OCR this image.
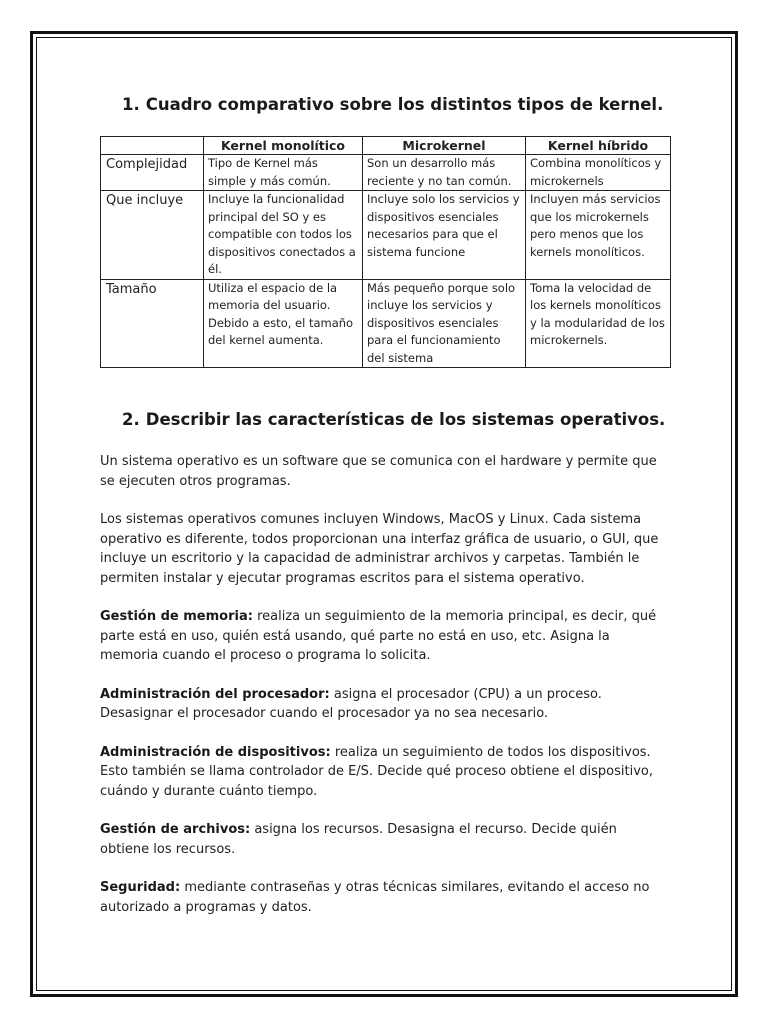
1. Cuadro comparativo sobre los distintos tipos de kernel.
	Kernel monolítico	Microkernel	Kernel híbrido
Complejidad	Tipo de Kernel más simple y más común.	Son un desarrollo más reciente y no tan común.	Combina monolíticos y microkernels
Que incluye	Incluye la funcionalidad principal del SO y es compatible con todos los dispositivos conectados a él.	Incluye solo los servicios y dispositivos esenciales necesarios para que el sistema funcione	Incluyen más servicios que los microkernels pero menos que los kernels monolíticos.
Tamaño	Utiliza el espacio de la memoria del usuario. Debido a esto, el tamaño del kernel aumenta.	Más pequeño porque solo incluye los servicios y dispositivos esenciales para el funcionamiento del sistema	Toma la velocidad de los kernels monolíticos y la modularidad de los microkernels.
2. Describir las características de los sistemas operativos.

Un sistema operativo es un software que se comunica con el hardware y permite que se ejecuten otros programas.

Los sistemas operativos comunes incluyen Windows, MacOS y Linux. Cada sistema operativo es diferente, todos proporcionan una interfaz gráfica de usuario, o GUI, que incluye un escritorio y la capacidad de administrar archivos y carpetas. También le permiten instalar y ejecutar programas escritos para el sistema operativo.

Gestión de memoria: realiza un seguimiento de la memoria principal, es decir, qué parte está en uso, quién está usando, qué parte no está en uso, etc. Asigna la memoria cuando el proceso o programa lo solicita.

Administración del procesador: asigna el procesador (CPU) a un proceso. Desasignar el procesador cuando el procesador ya no sea necesario.

Administración de dispositivos: realiza un seguimiento de todos los dispositivos. Esto también se llama controlador de E/S. Decide qué proceso obtiene el dispositivo, cuándo y durante cuánto tiempo.

Gestión de archivos: asigna los recursos. Desasigna el recurso. Decide quién obtiene los recursos.

Seguridad: mediante contraseñas y otras técnicas similares, evitando el acceso no autorizado a programas y datos.
